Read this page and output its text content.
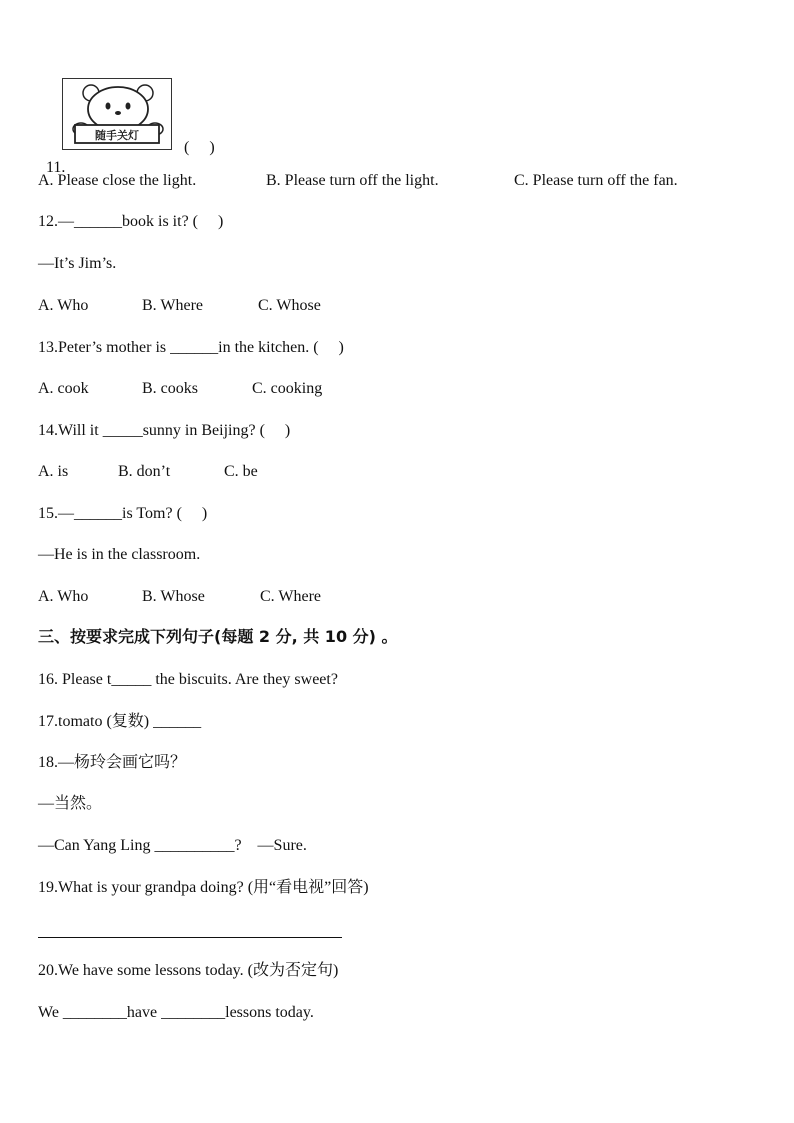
随手关灯

11.

(　 )

A. Please close the light.

	B. Please turn off the light.

	C. Please turn off the fan.

12.—______book is it? (　 )
—It’s Jim’s.

A. Who

	B. Where

	C. Whose

13.Peter’s mother is ______in the kitchen. (　 )

A. cook

	B. cooks

	C. cooking

14.Will it _____sunny in Beijing? (　 )

A. is

	B. don’t

	C. be

15.—______is Tom? (　 )
—He is in the classroom.

A. Who

	B. Whose

	C. Where

三、按要求完成下列句子(每题 2 分, 共 10 分) 。
16. Please t_____ the biscuits. Are they sweet?
17.tomato (复数) ______
18.—杨玲会画它吗？
—当然。
—Can Yang Ling __________?　—Sure.
19.What is your grandpa doing? (用“看电视”回答)
20.We have some lessons today. (改为否定句)
We ________have ________lessons today.
